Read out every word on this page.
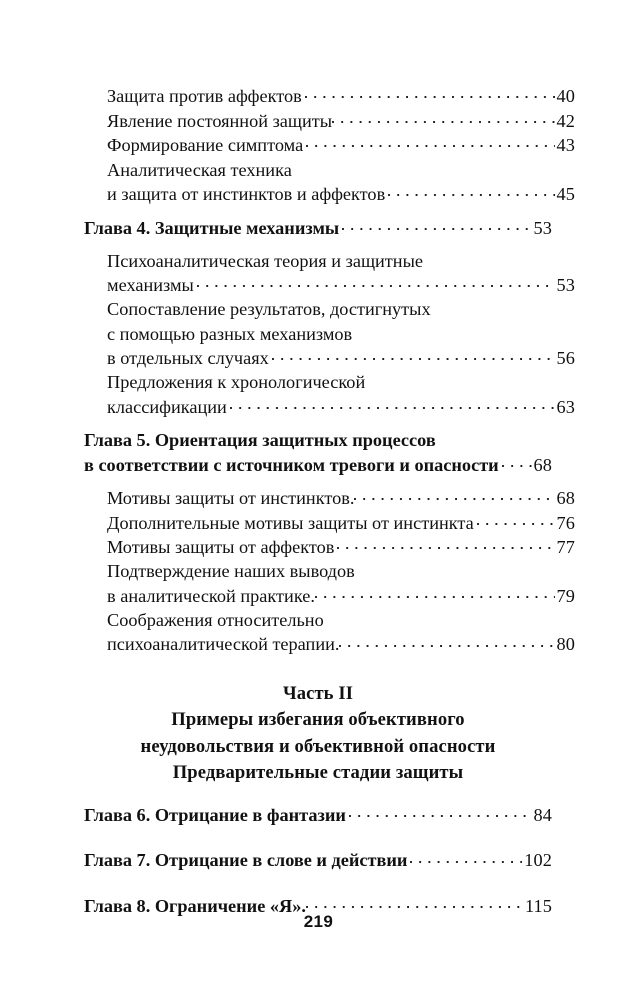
Защита против аффектов	40
Явление постоянной защиты	42
Формирование симптома	43
Аналитическая техника
и защита от инстинктов и аффектов	45
Глава 4. Защитные механизмы	53
Психоаналитическая теория и защитные
механизмы	53
Сопоставление результатов, достигнутых
с помощью разных механизмов
в отдельных случаях	56
Предложения к хронологической
классификации	63
Глава 5. Ориентация защитных процессов
в соответствии с источником тревоги и опасности 68
Мотивы защиты от инстинктов.	68
Дополнительные мотивы защиты от инстинкта	76
Мотивы защиты от аффектов	77
Подтверждение наших выводов
в аналитической практике.	79
Соображения относительно
психоаналитической терапии.	80
Часть II
Примеры избегания объективного
неудовольствия и объективной опасности
Предварительные стадии защиты
Глава 6. Отрицание в фантазии	84
Глава 7. Отрицание в слове и действии	102
Глава 8. Ограничение «Я».	115
219
